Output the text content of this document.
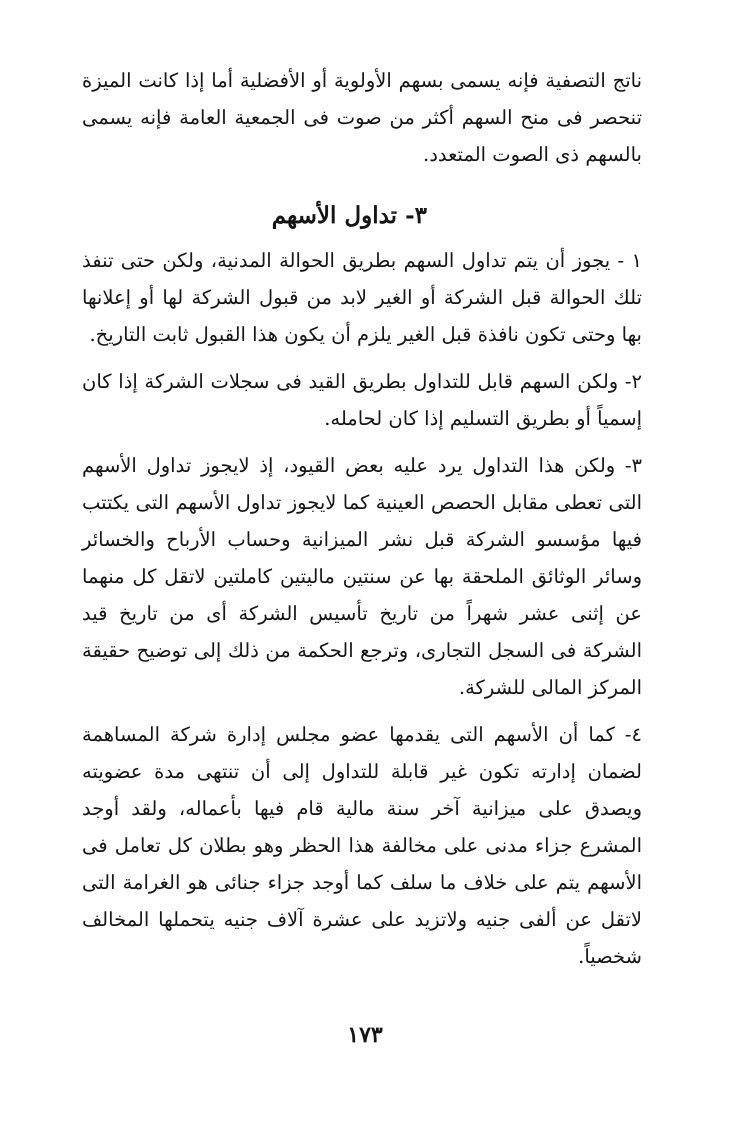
ناتج التصفية فإنه يسمى بسهم الأولوية أو الأفضلية أما إذا كانت الميزة تنحصر فى منح السهم أكثر من صوت فى الجمعية العامة فإنه يسمى بالسهم ذى الصوت المتعدد.

٣- تداول الأسهم

١ - يجوز أن يتم تداول السهم بطريق الحوالة المدنية، ولكن حتى تنفذ تلك الحوالة قبل الشركة أو الغير لابد من قبول الشركة لها أو إعلانها بها وحتى تكون نافذة قبل الغير يلزم أن يكون هذا القبول ثابت التاريخ.

٢- ولكن السهم قابل للتداول بطريق القيد فى سجلات الشركة إذا كان إسمياً أو بطريق التسليم إذا كان لحامله.

٣- ولكن هذا التداول يرد عليه بعض القيود، إذ لايجوز تداول الأسهم التى تعطى مقابل الحصص العينية كما لايجوز تداول الأسهم التى يكتتب فيها مؤسسو الشركة قبل نشر الميزانية وحساب الأرباح والخسائر وسائر الوثائق الملحقة بها عن سنتين ماليتين كاملتين لاتقل كل منهما عن إثنى عشر شهراً من تاريخ تأسيس الشركة أى من تاريخ قيد الشركة فى السجل التجارى، وترجع الحكمة من ذلك إلى توضيح حقيقة المركز المالى للشركة.

٤- كما أن الأسهم التى يقدمها عضو مجلس إدارة شركة المساهمة لضمان إدارته تكون غير قابلة للتداول إلى أن تنتهى مدة عضويته ويصدق على ميزانية آخر سنة مالية قام فيها بأعماله، ولقد أوجد المشرع جزاء مدنى على مخالفة هذا الحظر وهو بطلان كل تعامل فى الأسهم يتم على خلاف ما سلف كما أوجد جزاء جنائى هو الغرامة التى لاتقل عن ألفى جنيه ولاتزيد على عشرة آلاف جنيه يتحملها المخالف شخصياً.

١٧٣
